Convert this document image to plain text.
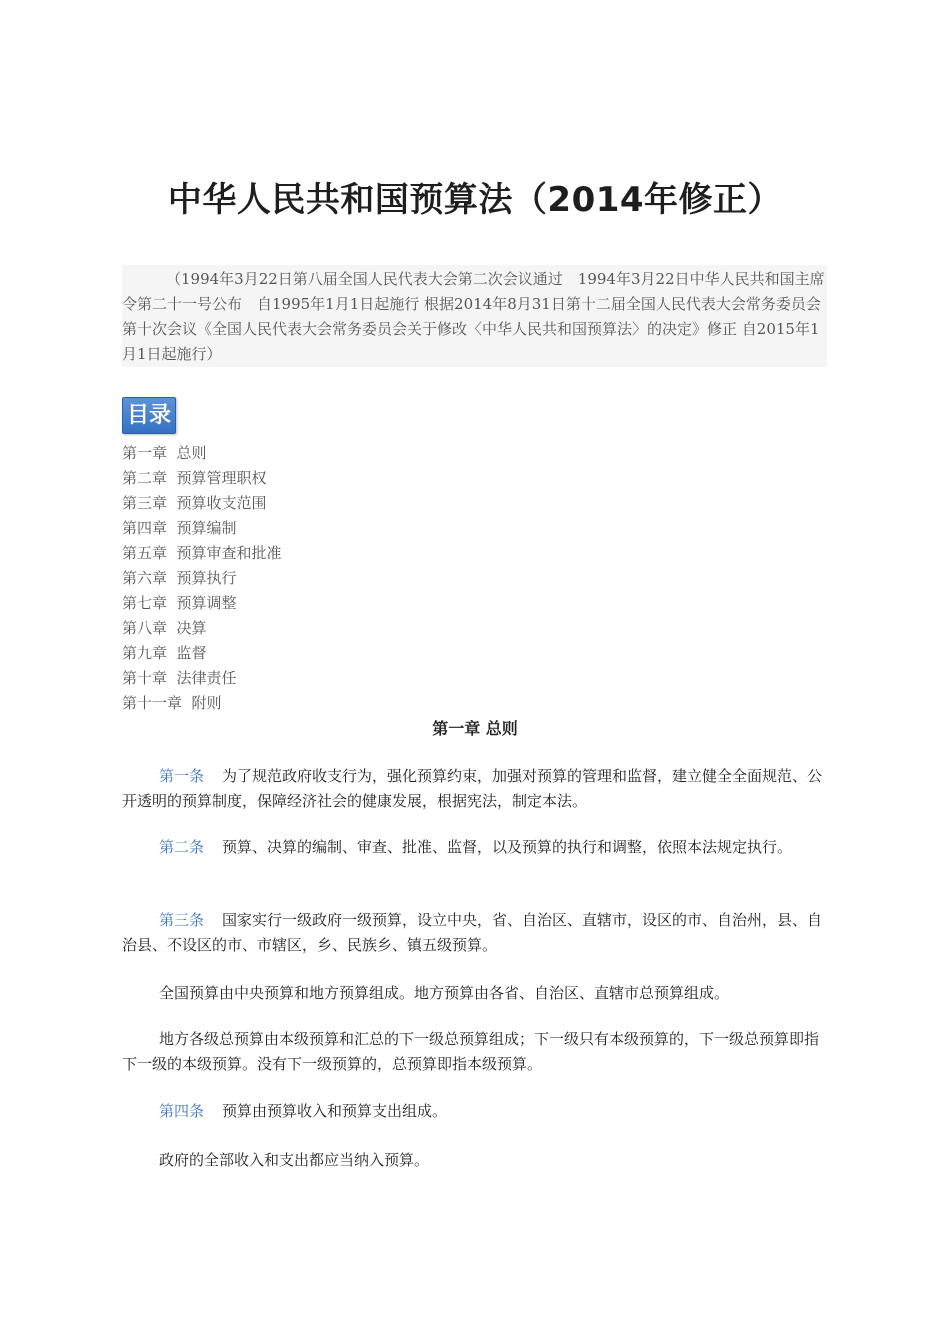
中华人民共和国预算法（2014年修正）
（1994年3月22日第八届全国人民代表大会第二次会议通过　1994年3月22日中华人民共和国主席令第二十一号公布　自1995年1月1日起施行 根据2014年8月31日第十二届全国人民代表大会常务委员会第十次会议《全国人民代表大会常务委员会关于修改〈中华人民共和国预算法〉的决定》修正 自2015年1月1日起施行）
目录
第一章  总则
第二章  预算管理职权
第三章  预算收支范围
第四章  预算编制
第五章  预算审查和批准
第六章  预算执行
第七章  预算调整
第八章  决算
第九章  监督
第十章  法律责任
第十一章  附则
第一章 总则

第一条 为了规范政府收支行为，强化预算约束，加强对预算的管理和监督，建立健全全面规范、公开透明的预算制度，保障经济社会的健康发展，根据宪法，制定本法。

第二条 预算、决算的编制、审查、批准、监督，以及预算的执行和调整，依照本法规定执行。

第三条 国家实行一级政府一级预算，设立中央，省、自治区、直辖市，设区的市、自治州，县、自治县、不设区的市、市辖区，乡、民族乡、镇五级预算。

全国预算由中央预算和地方预算组成。地方预算由各省、自治区、直辖市总预算组成。

地方各级总预算由本级预算和汇总的下一级总预算组成；下一级只有本级预算的，下一级总预算即指下一级的本级预算。没有下一级预算的，总预算即指本级预算。

第四条 预算由预算收入和预算支出组成。

政府的全部收入和支出都应当纳入预算。
